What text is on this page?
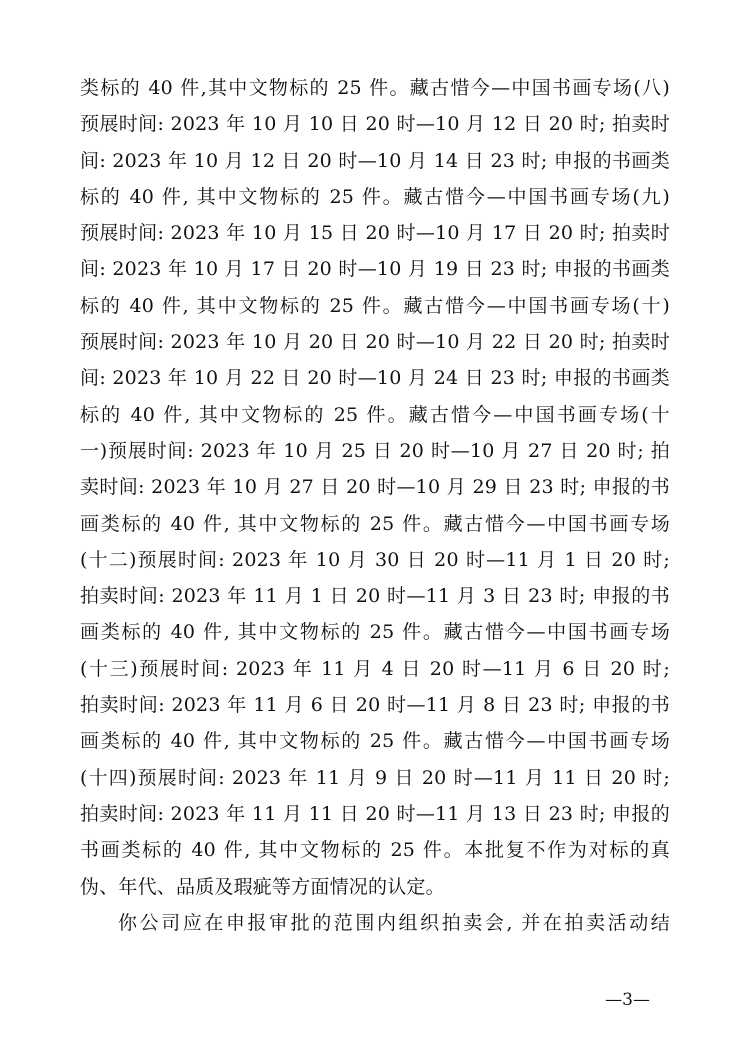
类标的 40 件,其中文物标的 25 件。藏古惜今—中国书画专场(八)
预展时间: 2023 年 10 月 10 日 20 时—10 月 12 日 20 时; 拍卖时
间: 2023 年 10 月 12 日 20 时—10 月 14 日 23 时; 申报的书画类
标的 40 件, 其中文物标的 25 件。藏古惜今—中国书画专场(九)
预展时间: 2023 年 10 月 15 日 20 时—10 月 17 日 20 时; 拍卖时
间: 2023 年 10 月 17 日 20 时—10 月 19 日 23 时; 申报的书画类
标的 40 件, 其中文物标的 25 件。藏古惜今—中国书画专场(十)
预展时间: 2023 年 10 月 20 日 20 时—10 月 22 日 20 时; 拍卖时
间: 2023 年 10 月 22 日 20 时—10 月 24 日 23 时; 申报的书画类
标的 40 件, 其中文物标的 25 件。藏古惜今—中国书画专场(十
一)预展时间: 2023 年 10 月 25 日 20 时—10 月 27 日 20 时; 拍
卖时间: 2023 年 10 月 27 日 20 时—10 月 29 日 23 时; 申报的书
画类标的 40 件, 其中文物标的 25 件。藏古惜今—中国书画专场
(十二)预展时间: 2023 年 10 月 30 日 20 时—11 月 1 日 20 时;
拍卖时间: 2023 年 11 月 1 日 20 时—11 月 3 日 23 时; 申报的书
画类标的 40 件, 其中文物标的 25 件。藏古惜今—中国书画专场
(十三)预展时间: 2023 年 11 月 4 日 20 时—11 月 6 日 20 时;
拍卖时间: 2023 年 11 月 6 日 20 时—11 月 8 日 23 时; 申报的书
画类标的 40 件, 其中文物标的 25 件。藏古惜今—中国书画专场
(十四)预展时间: 2023 年 11 月 9 日 20 时—11 月 11 日 20 时;
拍卖时间: 2023 年 11 月 11 日 20 时—11 月 13 日 23 时; 申报的
书画类标的 40 件, 其中文物标的 25 件。本批复不作为对标的真
伪、年代、品质及瑕疵等方面情况的认定。
你公司应在申报审批的范围内组织拍卖会, 并在拍卖活动结
—3—
